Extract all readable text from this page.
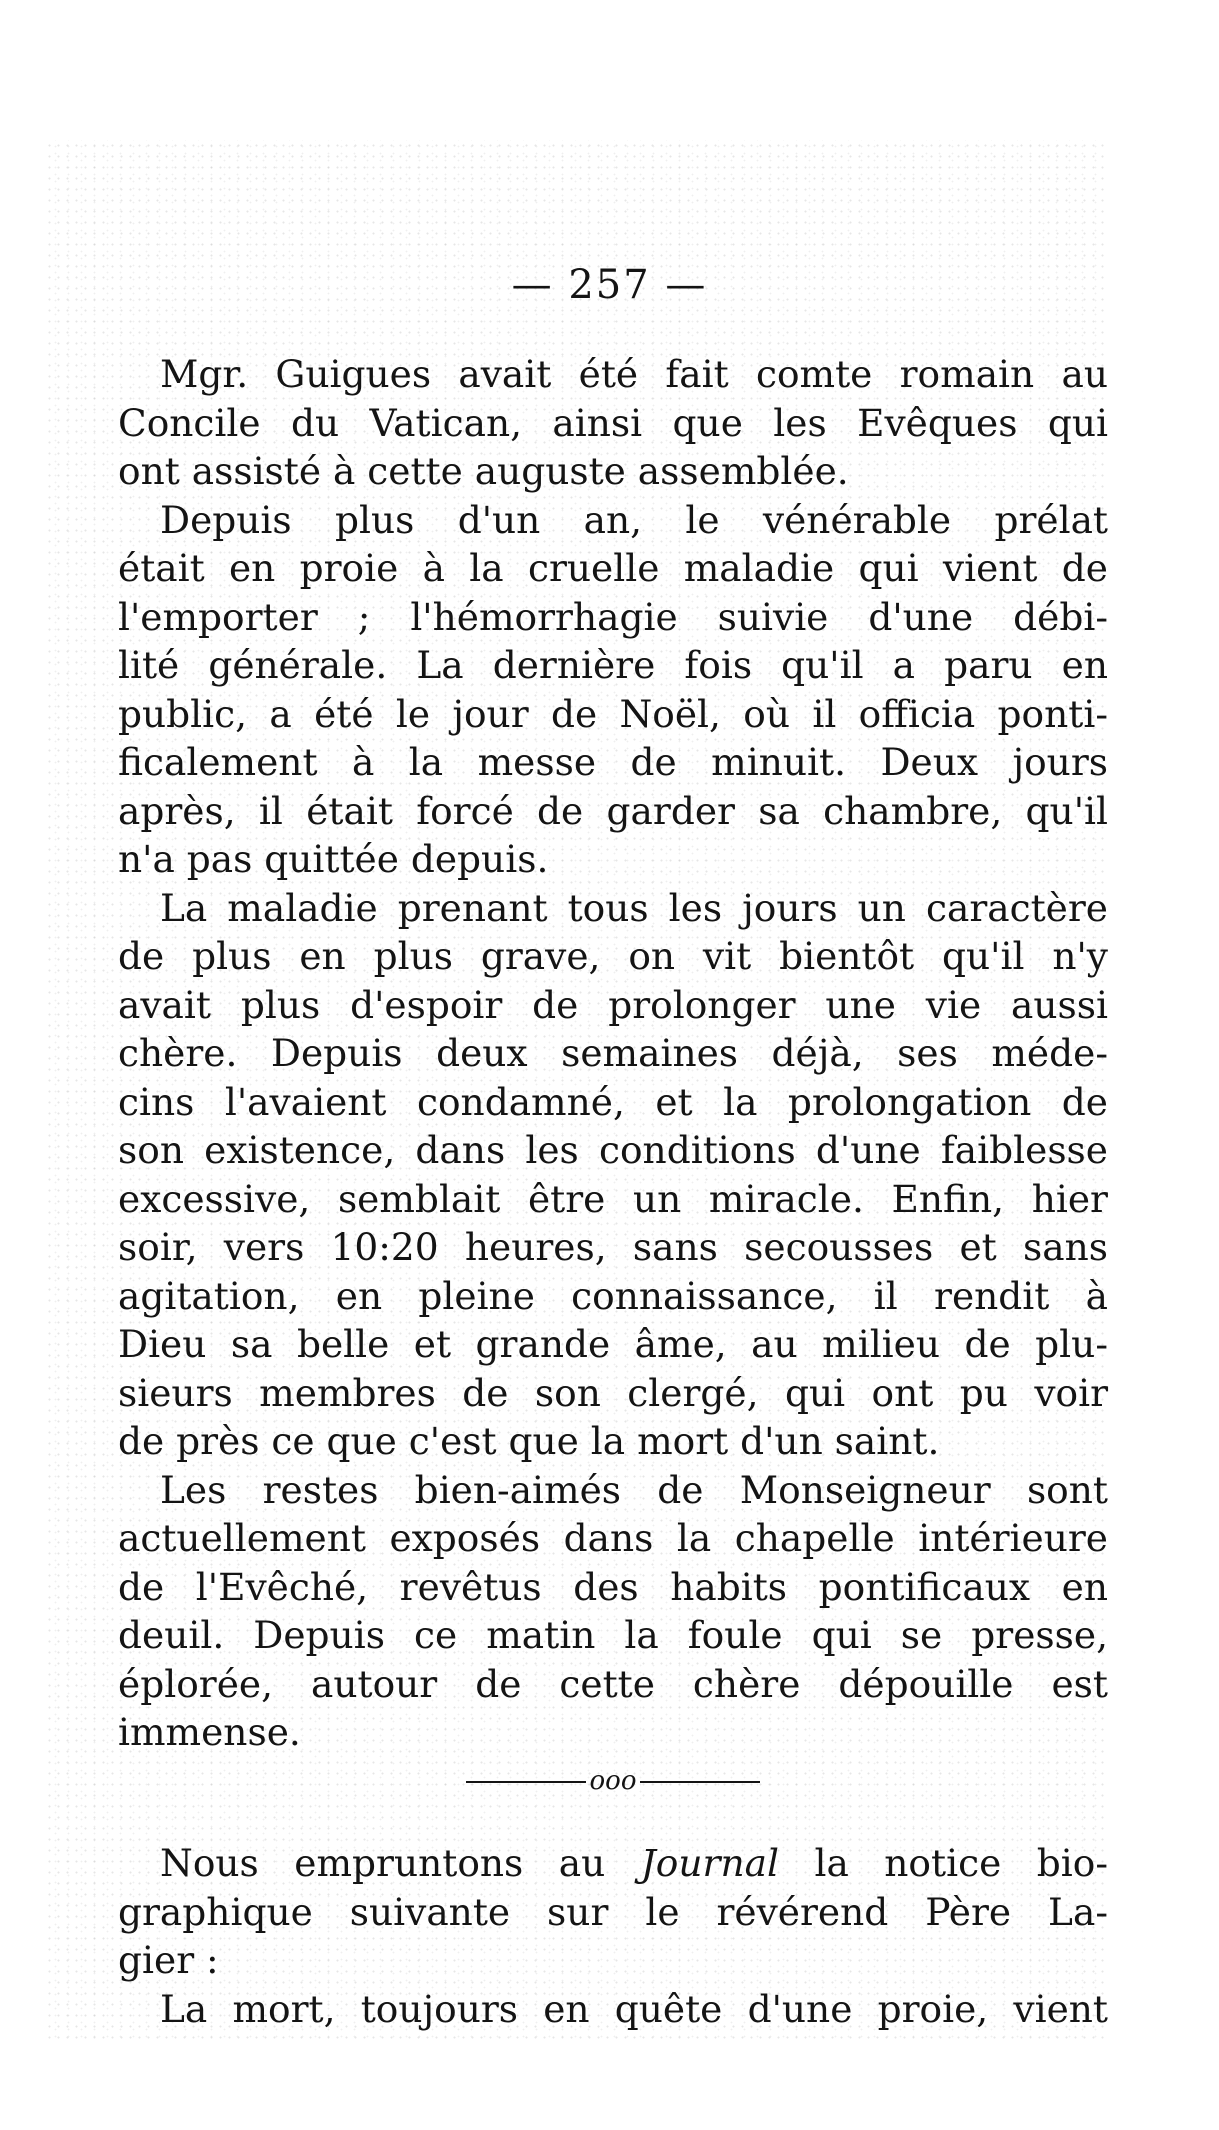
— 257 —
Mgr. Guigues avait été fait comte romain au
Concile du Vatican, ainsi que les Evêques qui
ont assisté à cette auguste assemblée.
Depuis plus d'un an, le vénérable prélat
était en proie à la cruelle maladie qui vient de
l'emporter ; l'hémorrhagie suivie d'une débi-
lité générale. La dernière fois qu'il a paru en
public, a été le jour de Noël, où il officia ponti-
ficalement à la messe de minuit. Deux jours
après, il était forcé de garder sa chambre, qu'il
n'a pas quittée depuis.
La maladie prenant tous les jours un caractère
de plus en plus grave, on vit bientôt qu'il n'y
avait plus d'espoir de prolonger une vie aussi
chère. Depuis deux semaines déjà, ses méde-
cins l'avaient condamné, et la prolongation de
son existence, dans les conditions d'une faiblesse
excessive, semblait être un miracle. Enfin, hier
soir, vers 10:20 heures, sans secousses et sans
agitation, en pleine connaissance, il rendit à
Dieu sa belle et grande âme, au milieu de plu-
sieurs membres de son clergé, qui ont pu voir
de près ce que c'est que la mort d'un saint.
Les restes bien-aimés de Monseigneur sont
actuellement exposés dans la chapelle intérieure
de l'Evêché, revêtus des habits pontificaux en
deuil. Depuis ce matin la foule qui se presse,
éplorée, autour de cette chère dépouille est
immense.
ooo
Nous empruntons au Journal la notice bio-
graphique suivante sur le révérend Père La-
gier :
La mort, toujours en quête d'une proie, vient
